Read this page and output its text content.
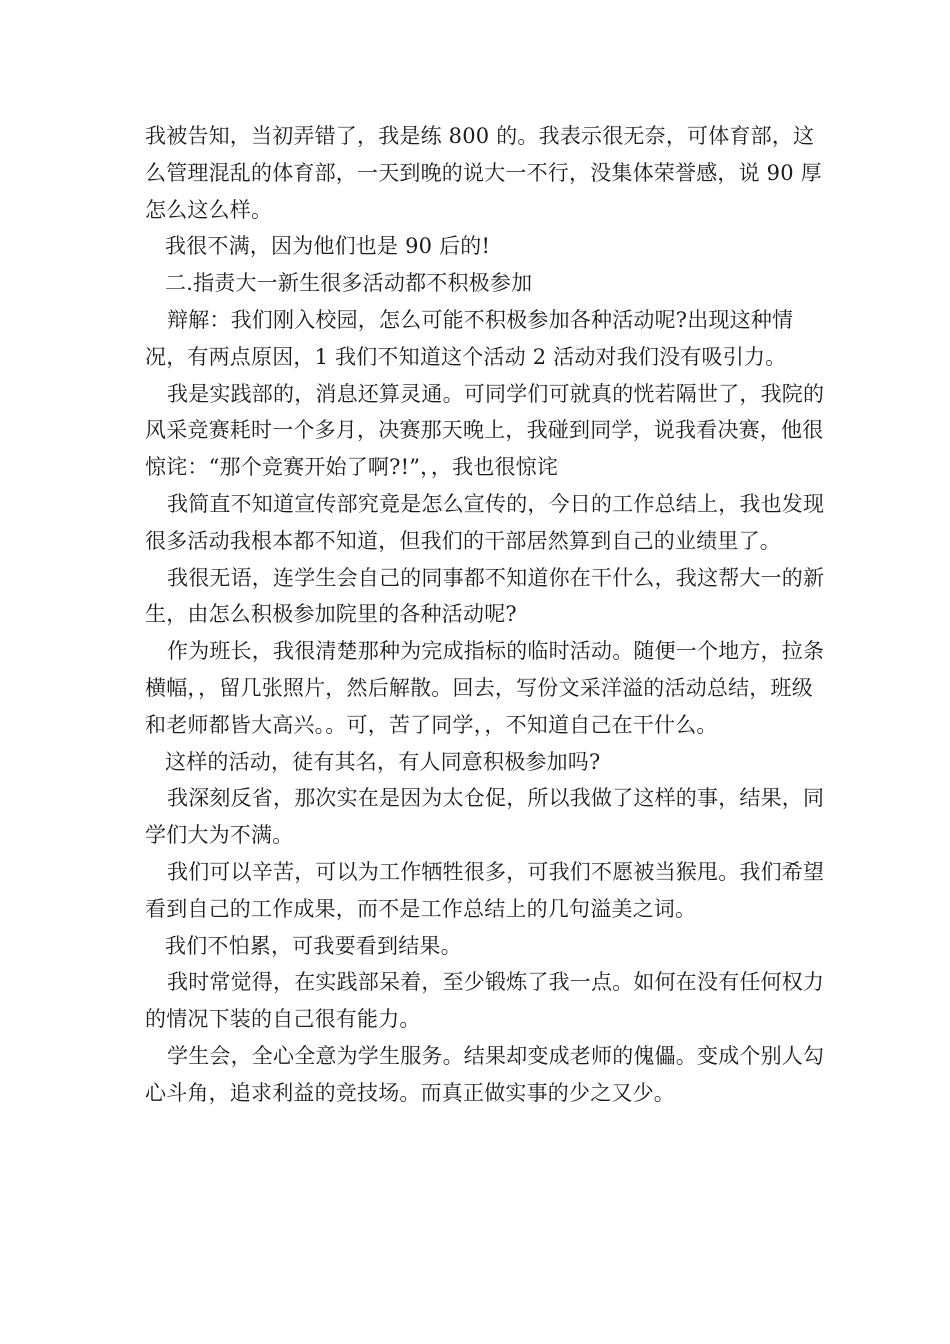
我被告知，当初弄错了，我是练 800 的。我表示很无奈，可体育部，这么管理混乱的体育部，一天到晚的说大一不行，没集体荣誉感，说 90 厚怎么这么样。

我很不满，因为他们也是 90 后的!

二.指责大一新生很多活动都不积极参加

辩解：我们刚入校园，怎么可能不积极参加各种活动呢?出现这种情况，有两点原因，1 我们不知道这个活动 2 活动对我们没有吸引力。

我是实践部的，消息还算灵通。可同学们可就真的恍若隔世了，我院的风采竞赛耗时一个多月，决赛那天晚上，我碰到同学，说我看决赛，他很惊诧：“那个竞赛开始了啊?!”，，我也很惊诧

我简直不知道宣传部究竟是怎么宣传的，今日的工作总结上，我也发现很多活动我根本都不知道，但我们的干部居然算到自己的业绩里了。

我很无语，连学生会自己的同事都不知道你在干什么，我这帮大一的新生，由怎么积极参加院里的各种活动呢?

作为班长，我很清楚那种为完成指标的临时活动。随便一个地方，拉条横幅，，留几张照片，然后解散。回去，写份文采洋溢的活动总结，班级和老师都皆大高兴。。可，苦了同学，，不知道自己在干什么。

这样的活动，徒有其名，有人同意积极参加吗?

我深刻反省，那次实在是因为太仓促，所以我做了这样的事，结果，同学们大为不满。

我们可以辛苦，可以为工作牺牲很多，可我们不愿被当猴甩。我们希望看到自己的工作成果，而不是工作总结上的几句溢美之词。

我们不怕累，可我要看到结果。

我时常觉得，在实践部呆着，至少锻炼了我一点。如何在没有任何权力的情况下装的自己很有能力。

学生会，全心全意为学生服务。结果却变成老师的傀儡。变成个别人勾心斗角，追求利益的竞技场。而真正做实事的少之又少。
